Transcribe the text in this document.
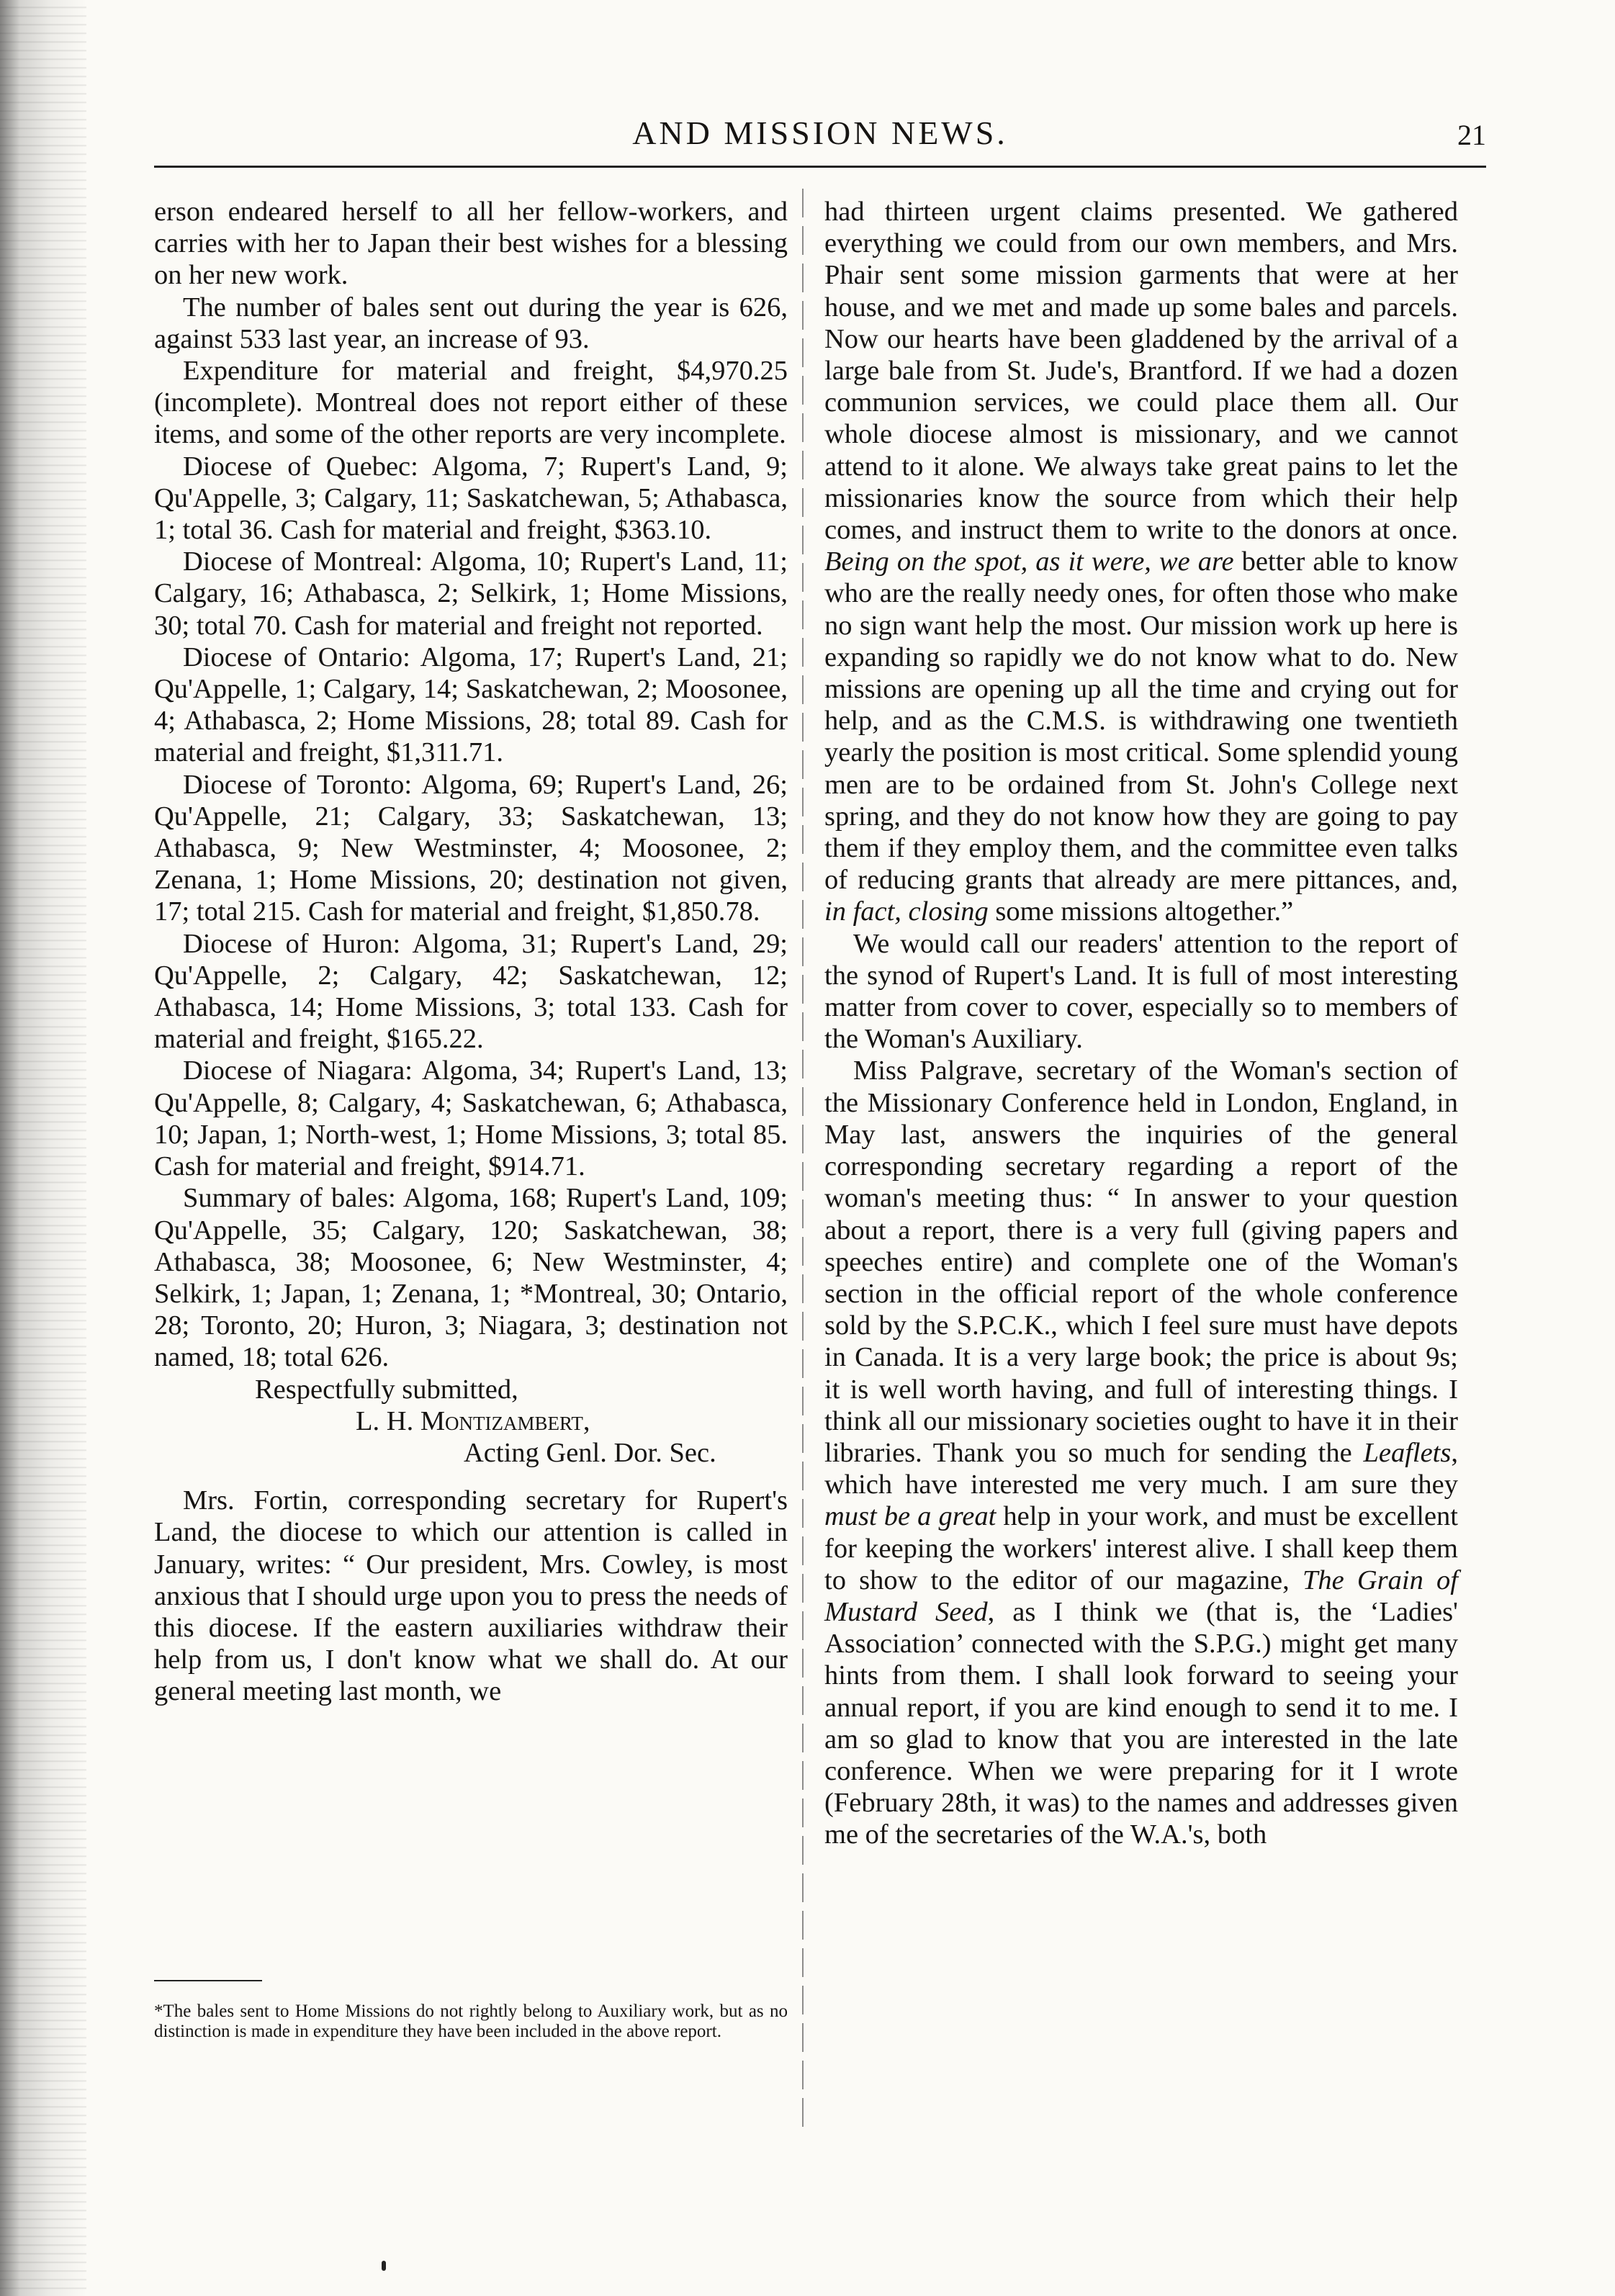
AND MISSION NEWS.	21

erson endeared herself to all her fellow-workers, and carries with her to Japan their best wishes for a blessing on her new work.

The number of bales sent out during the year is 626, against 533 last year, an increase of 93.

Expenditure for material and freight, $4,970.25 (incomplete). Montreal does not report either of these items, and some of the other reports are very incomplete.

Diocese of Quebec: Algoma, 7; Rupert's Land, 9; Qu'Appelle, 3; Calgary, 11; Saskatchewan, 5; Athabasca, 1; total 36. Cash for material and freight, $363.10.

Diocese of Montreal: Algoma, 10; Rupert's Land, 11; Calgary, 16; Athabasca, 2; Selkirk, 1; Home Missions, 30; total 70. Cash for material and freight not reported.

Diocese of Ontario: Algoma, 17; Rupert's Land, 21; Qu'Appelle, 1; Calgary, 14; Saskatchewan, 2; Moosonee, 4; Athabasca, 2; Home Missions, 28; total 89. Cash for material and freight, $1,311.71.

Diocese of Toronto: Algoma, 69; Rupert's Land, 26; Qu'Appelle, 21; Calgary, 33; Saskatchewan, 13; Athabasca, 9; New Westminster, 4; Moosonee, 2; Zenana, 1; Home Missions, 20; destination not given, 17; total 215. Cash for material and freight, $1,850.78.

Diocese of Huron: Algoma, 31; Rupert's Land, 29; Qu'Appelle, 2; Calgary, 42; Saskatchewan, 12; Athabasca, 14; Home Missions, 3; total 133. Cash for material and freight, $165.22.

Diocese of Niagara: Algoma, 34; Rupert's Land, 13; Qu'Appelle, 8; Calgary, 4; Saskatchewan, 6; Athabasca, 10; Japan, 1; North-west, 1; Home Missions, 3; total 85. Cash for material and freight, $914.71.

Summary of bales: Algoma, 168; Rupert's Land, 109; Qu'Appelle, 35; Calgary, 120; Saskatchewan, 38; Athabasca, 38; Moosonee, 6; New Westminster, 4; Selkirk, 1; Japan, 1; Zenana, 1; *Montreal, 30; Ontario, 28; Toronto, 20; Huron, 3; Niagara, 3; destination not named, 18; total 626.

Respectfully submitted,
L. H. Montizambert,
Acting Genl. Dor. Sec.

Mrs. Fortin, corresponding secretary for Rupert's Land, the diocese to which our attention is called in January, writes: “ Our president, Mrs. Cowley, is most anxious that I should urge upon you to press the needs of this diocese. If the eastern auxiliaries withdraw their help from us, I don't know what we shall do. At our general meeting last month, we

*The bales sent to Home Missions do not rightly belong to Auxiliary work, but as no distinction is made in expenditure they have been included in the above report.

had thirteen urgent claims presented. We gathered everything we could from our own members, and Mrs. Phair sent some mission garments that were at her house, and we met and made up some bales and parcels. Now our hearts have been gladdened by the arrival of a large bale from St. Jude's, Brantford. If we had a dozen communion services, we could place them all. Our whole diocese almost is missionary, and we cannot attend to it alone. We always take great pains to let the missionaries know the source from which their help comes, and instruct them to write to the donors at once. Being on the spot, as it were, we are better able to know who are the really needy ones, for often those who make no sign want help the most. Our mission work up here is expanding so rapidly we do not know what to do. New missions are opening up all the time and crying out for help, and as the C.M.S. is withdrawing one twentieth yearly the position is most critical. Some splendid young men are to be ordained from St. John's College next spring, and they do not know how they are going to pay them if they employ them, and the committee even talks of reducing grants that already are mere pittances, and, in fact, closing some missions altogether.”

We would call our readers' attention to the report of the synod of Rupert's Land. It is full of most interesting matter from cover to cover, especially so to members of the Woman's Auxiliary.

Miss Palgrave, secretary of the Woman's section of the Missionary Conference held in London, England, in May last, answers the inquiries of the general corresponding secretary regarding a report of the woman's meeting thus: “ In answer to your question about a report, there is a very full (giving papers and speeches entire) and complete one of the Woman's section in the official report of the whole conference sold by the S.P.C.K., which I feel sure must have depots in Canada. It is a very large book; the price is about 9s; it is well worth having, and full of interesting things. I think all our missionary societies ought to have it in their libraries. Thank you so much for sending the Leaflets, which have interested me very much. I am sure they must be a great help in your work, and must be excellent for keeping the workers' interest alive. I shall keep them to show to the editor of our magazine, The Grain of Mustard Seed, as I think we (that is, the ‘Ladies' Association’ connected with the S.P.G.) might get many hints from them. I shall look forward to seeing your annual report, if you are kind enough to send it to me. I am so glad to know that you are interested in the late conference. When we were preparing for it I wrote (February 28th, it was) to the names and addresses given me of the secretaries of the W.A.'s, both
